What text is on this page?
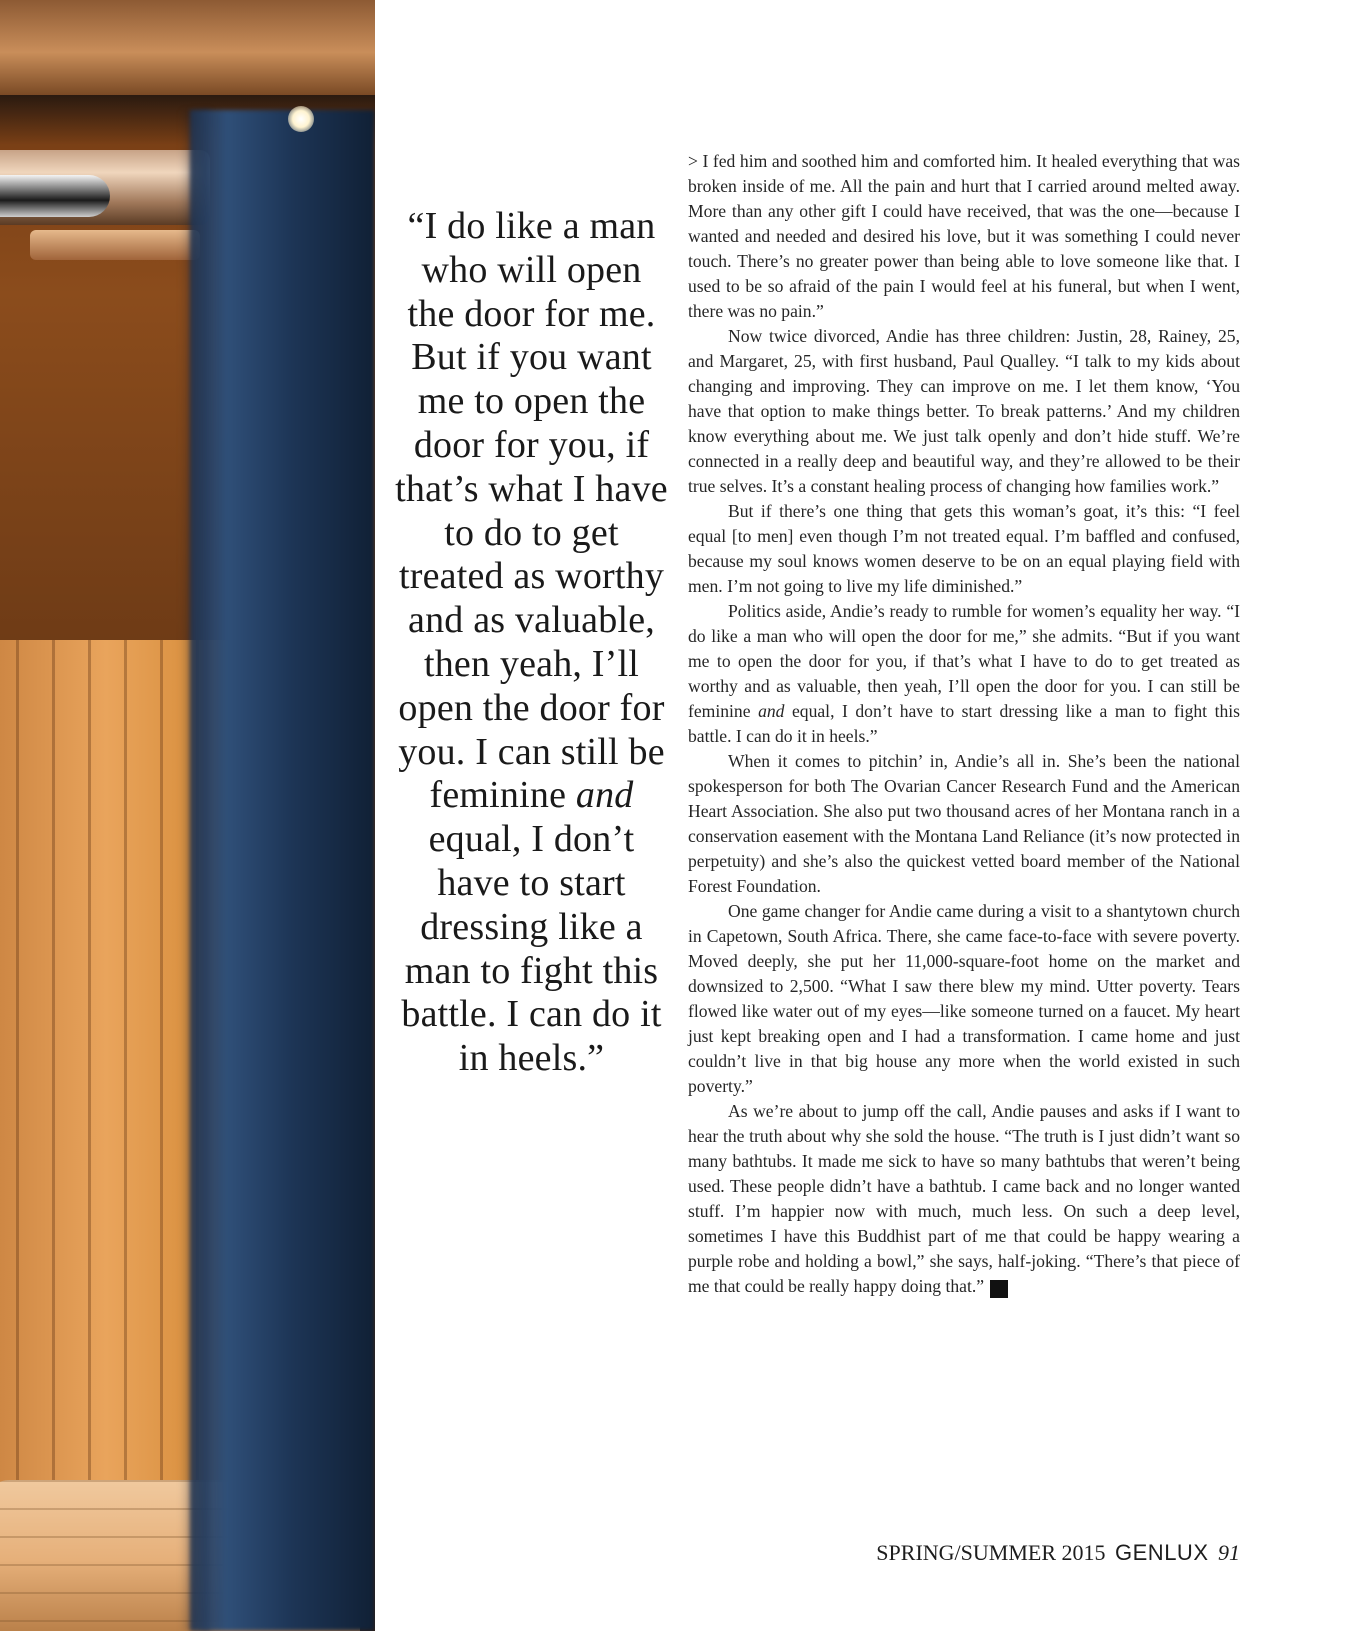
“I do like a man who will open the door for me. But if you want me to open the door for you, if that’s what I have to do to get treated as worthy and as valuable, then yeah, I’ll open the door for you. I can still be feminine and equal, I don’t have to start dressing like a man to fight this battle. I can do it in heels.”

> I fed him and soothed him and comforted him. It healed everything that was broken inside of me. All the pain and hurt that I carried around melted away. More than any other gift I could have received, that was the one—because I wanted and needed and desired his love, but it was something I could never touch. There’s no greater power than being able to love someone like that. I used to be so afraid of the pain I would feel at his funeral, but when I went, there was no pain.”

Now twice divorced, Andie has three children: Justin, 28, Rainey, 25, and Margaret, 25, with first husband, Paul Qualley. “I talk to my kids about changing and improving. They can improve on me. I let them know, ‘You have that option to make things better. To break patterns.’ And my children know everything about me. We just talk openly and don’t hide stuff. We’re connected in a really deep and beautiful way, and they’re allowed to be their true selves. It’s a constant healing process of changing how families work.”

But if there’s one thing that gets this woman’s goat, it’s this: “I feel equal [to men] even though I’m not treated equal. I’m baffled and confused, because my soul knows women deserve to be on an equal playing field with men. I’m not going to live my life diminished.”

Politics aside, Andie’s ready to rumble for women’s equality her way. “I do like a man who will open the door for me,” she admits. “But if you want me to open the door for you, if that’s what I have to do to get treated as worthy and as valuable, then yeah, I’ll open the door for you. I can still be feminine and equal, I don’t have to start dressing like a man to fight this battle. I can do it in heels.”

When it comes to pitchin’ in, Andie’s all in. She’s been the national spokesperson for both The Ovarian Cancer Research Fund and the American Heart Association. She also put two thousand acres of her Montana ranch in a conservation easement with the Montana Land Reliance (it’s now protected in perpetuity) and she’s also the quickest vetted board member of the National Forest Foundation.

One game changer for Andie came during a visit to a shantytown church in Capetown, South Africa. There, she came face-to-face with severe poverty. Moved deeply, she put her 11,000-square-foot home on the market and downsized to 2,500. “What I saw there blew my mind. Utter poverty. Tears flowed like water out of my eyes—like someone turned on a faucet. My heart just kept breaking open and I had a transformation. I came home and just couldn’t live in that big house any more when the world existed in such poverty.”

As we’re about to jump off the call, Andie pauses and asks if I want to hear the truth about why she sold the house. “The truth is I just didn’t want so many bathtubs. It made me sick to have so many bathtubs that weren’t being used. These people didn’t have a bathtub. I came back and no longer wanted stuff. I’m happier now with much, much less. On such a deep level, sometimes I have this Buddhist part of me that could be happy wearing a purple robe and holding a bowl,” she says, half-joking. “There’s that piece of me that could be really happy doing that.”	G

SPRING/SUMMER 2015 GENLUX 91
